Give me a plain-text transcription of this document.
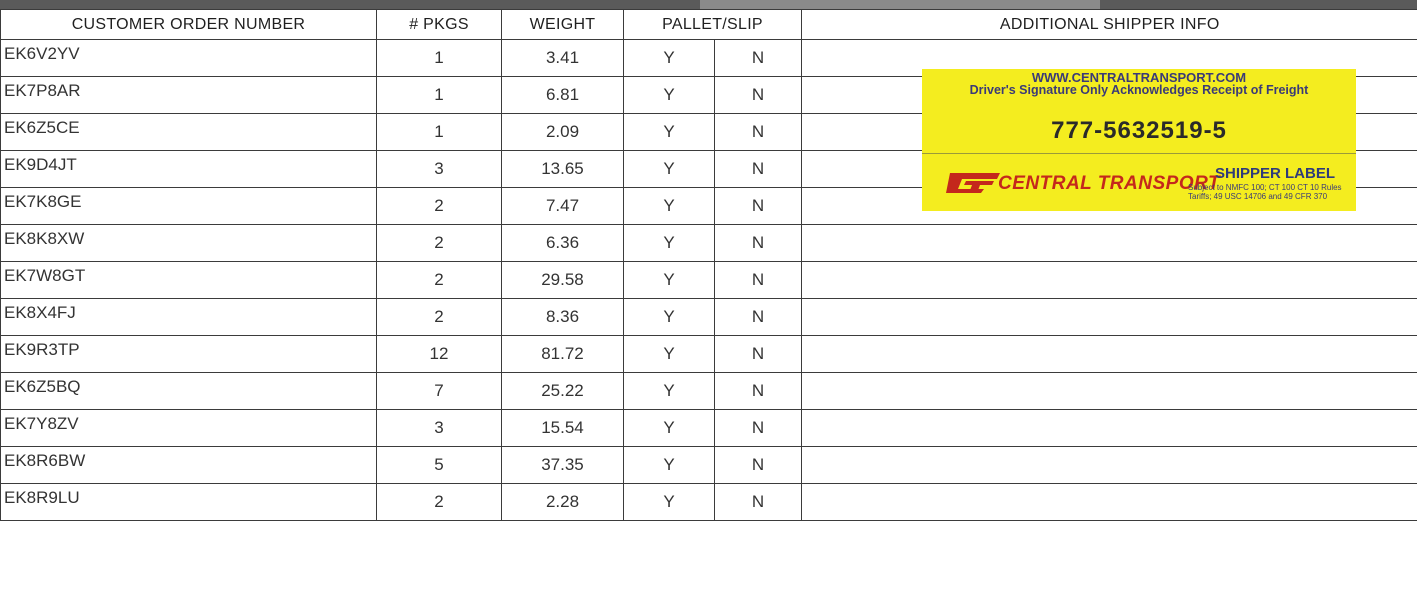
CUSTOMER ORDER NUMBER	# PKGS	WEIGHT	PALLET/SLIP		ADDITIONAL SHIPPER INFO
EK6V2YV	1	3.41	Y	N	
EK7P8AR	1	6.81	Y	N	
EK6Z5CE	1	2.09	Y	N	
EK9D4JT	3	13.65	Y	N	
EK7K8GE	2	7.47	Y	N	
EK8K8XW	2	6.36	Y	N	
EK7W8GT	2	29.58	Y	N	
EK8X4FJ	2	8.36	Y	N	
EK9R3TP	12	81.72	Y	N	
EK6Z5BQ	7	25.22	Y	N	
EK7Y8ZV	3	15.54	Y	N	
EK8R6BW	5	37.35	Y	N	
EK8R9LU	2	2.28	Y	N	
WWW.CENTRALTRANSPORT.COM
Driver's Signature Only Acknowledges Receipt of Freight
777-5632519-5
CENTRAL TRANSPORT
SHIPPER LABEL
Subject to NMFC 100; CT 100 CT 10 Rules Tariffs; 49 USC 14706 and 49 CFR 370
